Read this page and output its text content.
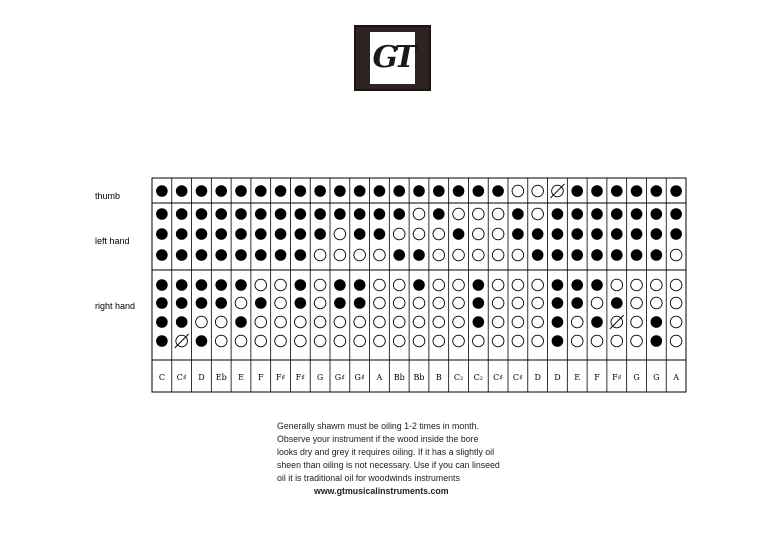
GT
thumb
left hand
right hand
C C♯ D Eb E F F♯ F♯ G G♯ G♯ A Bb Bb B C₂ C₂ C♯ C♯ D D E F F♯ G G A

Generally shawm must be oiling 1-2 times in month.

Observe your instrument if the wood inside the bore

looks dry and grey it requires oiling. If it has a slightly oil

sheen than oiling is not necessary. Use if you can linseed

oil it is traditional oil for woodwinds instruments

www.gtmusicalinstruments.com
